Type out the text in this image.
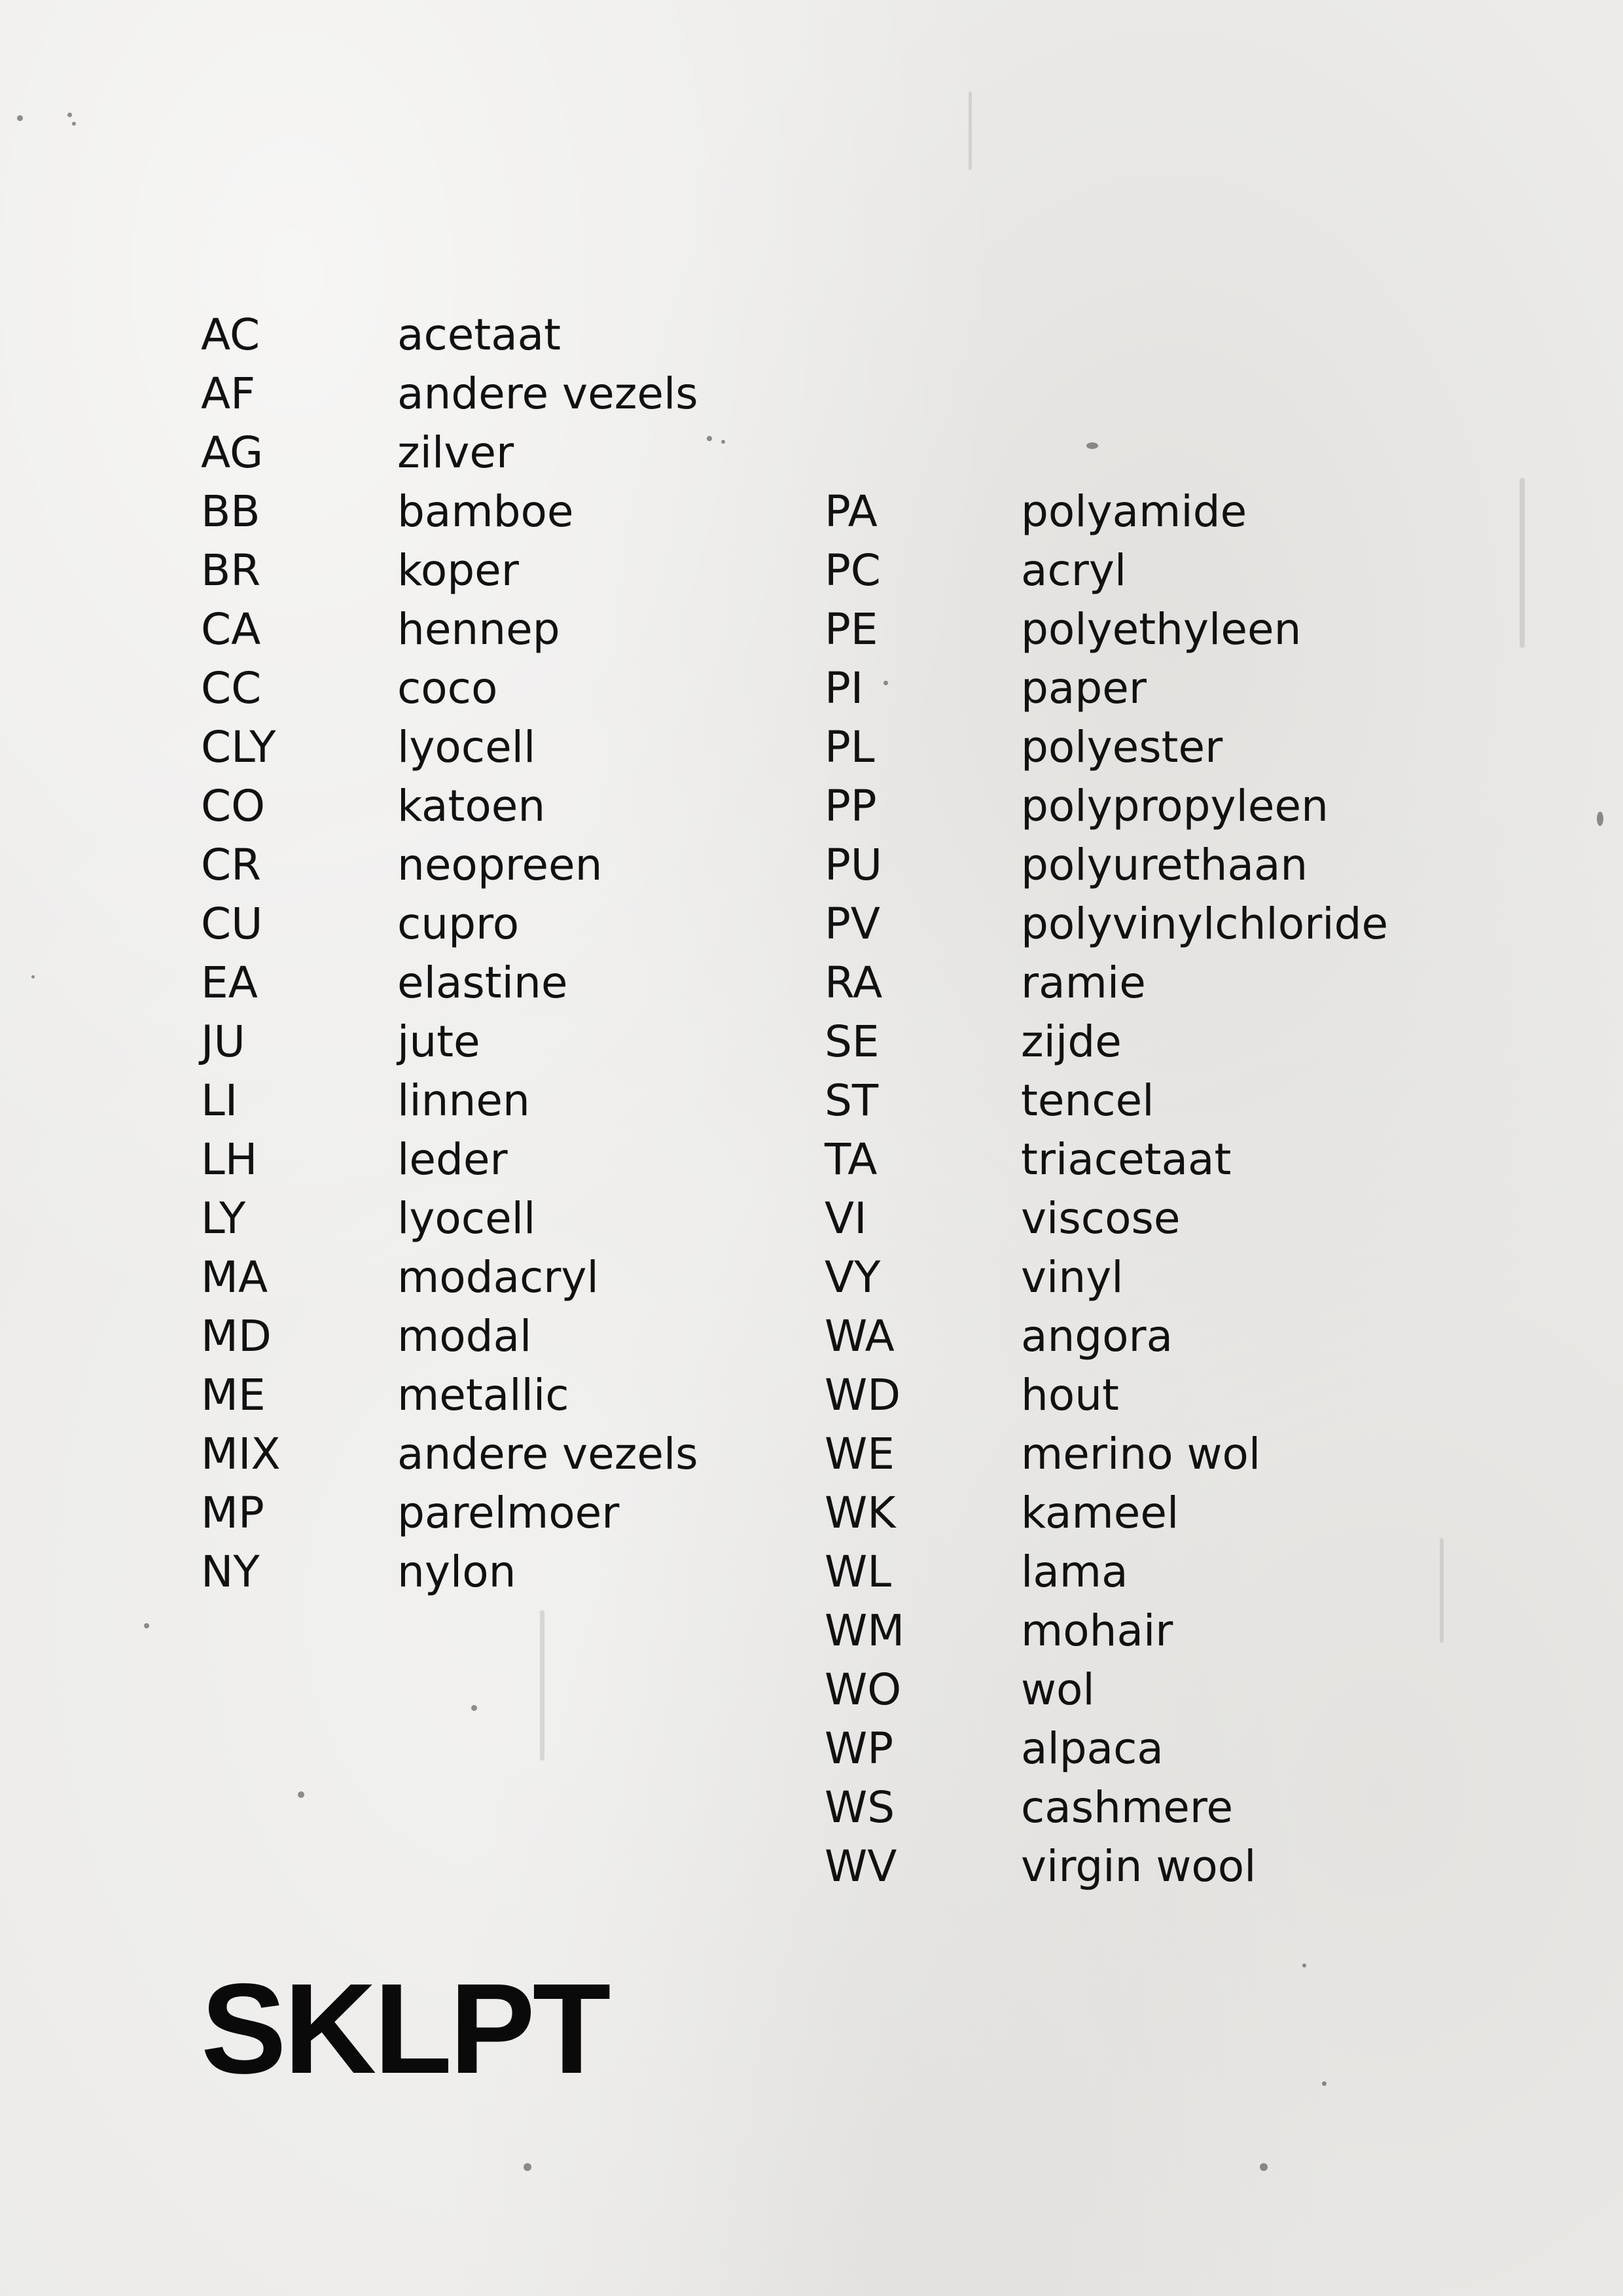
AC	acetaat
AF	andere vezels
AG	zilver
BB	bamboe
BR	koper
CA	hennep
CC	coco
CLY	lyocell
CO	katoen
CR	neopreen
CU	cupro
EA	elastine
JU	jute
LI	linnen
LH	leder
LY	lyocell
MA	modacryl
MD	modal
ME	metallic
MIX	andere vezels
MP	parelmoer
NY	nylon
PA	polyamide
PC	acryl
PE	polyethyleen
PI	paper
PL	polyester
PP	polypropyleen
PU	polyurethaan
PV	polyvinylchloride
RA	ramie
SE	zijde
ST	tencel
TA	triacetaat
VI	viscose
VY	vinyl
WA	angora
WD	hout
WE	merino wol
WK	kameel
WL	lama
WM	mohair
WO	wol
WP	alpaca
WS	cashmere
WV	virgin wool
SKLPT
